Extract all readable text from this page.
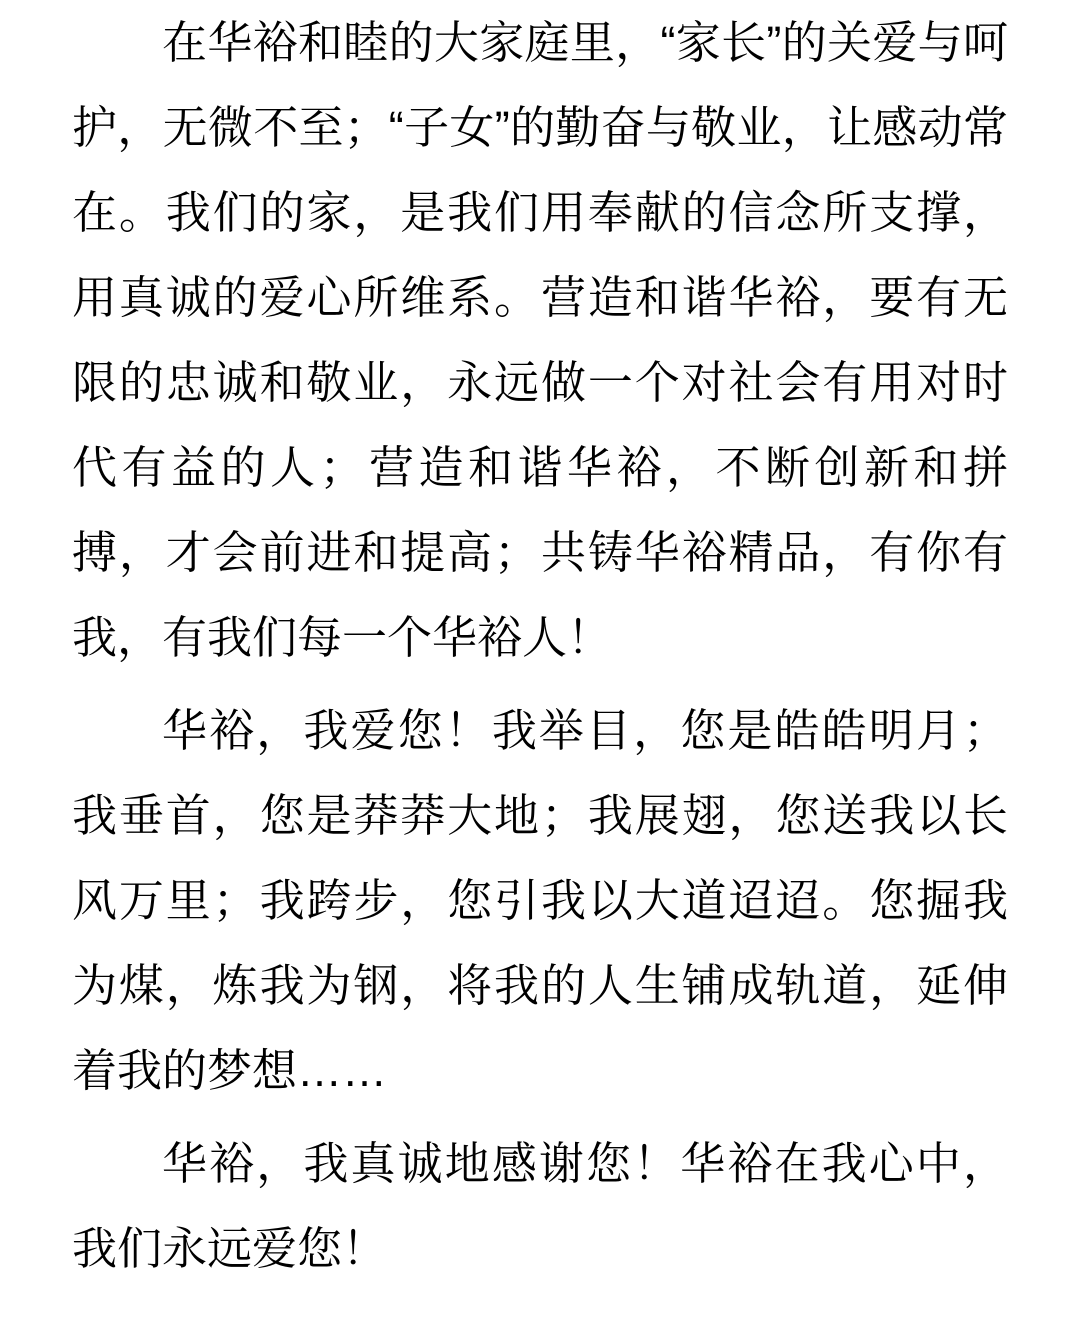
在华裕和睦的大家庭里，“家长”的关爱与呵护，无微不至；“子女”的勤奋与敬业，让感动常在。我们的家，是我们用奉献的信念所支撑，用真诚的爱心所维系。营造和谐华裕，要有无限的忠诚和敬业，永远做一个对社会有用对时代有益的人；营造和谐华裕，不断创新和拼搏，才会前进和提高；共铸华裕精品，有你有我，有我们每一个华裕人！

华裕，我爱您！我举目，您是皓皓明月；我垂首，您是莽莽大地；我展翅，您送我以长风万里；我跨步，您引我以大道迢迢。您掘我为煤，炼我为钢，将我的人生铺成轨道，延伸着我的梦想……

华裕，我真诚地感谢您！华裕在我心中，我们永远爱您！
